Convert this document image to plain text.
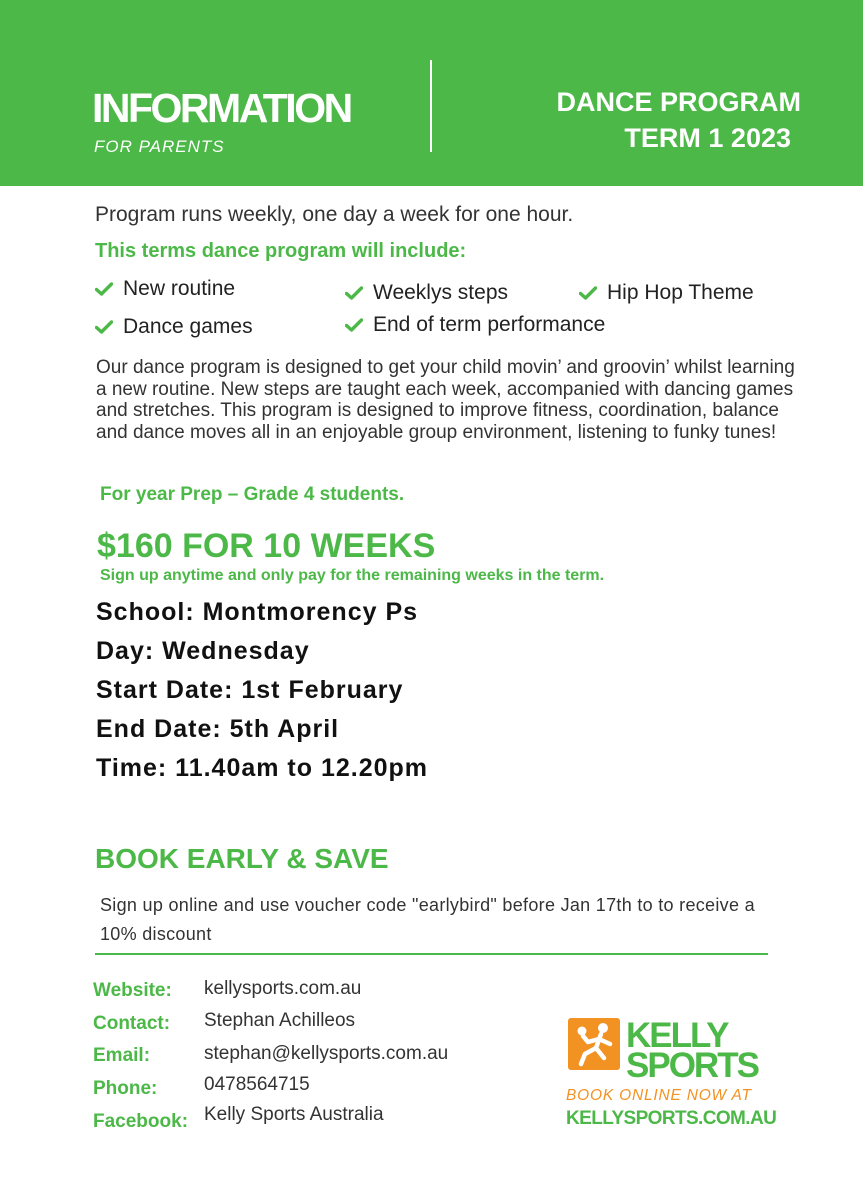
INFORMATION
FOR PARENTS
DANCE PROGRAM
TERM 1 2023
Program runs weekly, one day a week for one hour.
This terms dance program will include:
New routine	Weeklys steps	Hip Hop Theme
Dance games	End of term performance
Our dance program is designed to get your child movin’ and groovin’ whilst learning a new routine. New steps are taught each week, accompanied with dancing games and stretches. This program is designed to improve fitness, coordination, balance and dance moves all in an enjoyable group environment, listening to funky tunes!
For year Prep – Grade 4 students.
$160 FOR 10 WEEKS
Sign up anytime and only pay for the remaining weeks in the term.
School: Montmorency Ps
Day: Wednesday
Start Date: 1st February
End Date: 5th April
Time: 11.40am to 12.20pm
BOOK EARLY & SAVE
Sign up online and use voucher code "earlybird" before Jan 17th to to receive a 10% discount
Website: kellysports.com.au
Contact: Stephan Achilleos
Email:	stephan@kellysports.com.au
Phone: 0478564715
Facebook: Kelly Sports Australia
KELLY
SPORTS
BOOK ONLINE NOW AT
KELLYSPORTS.COM.AU
